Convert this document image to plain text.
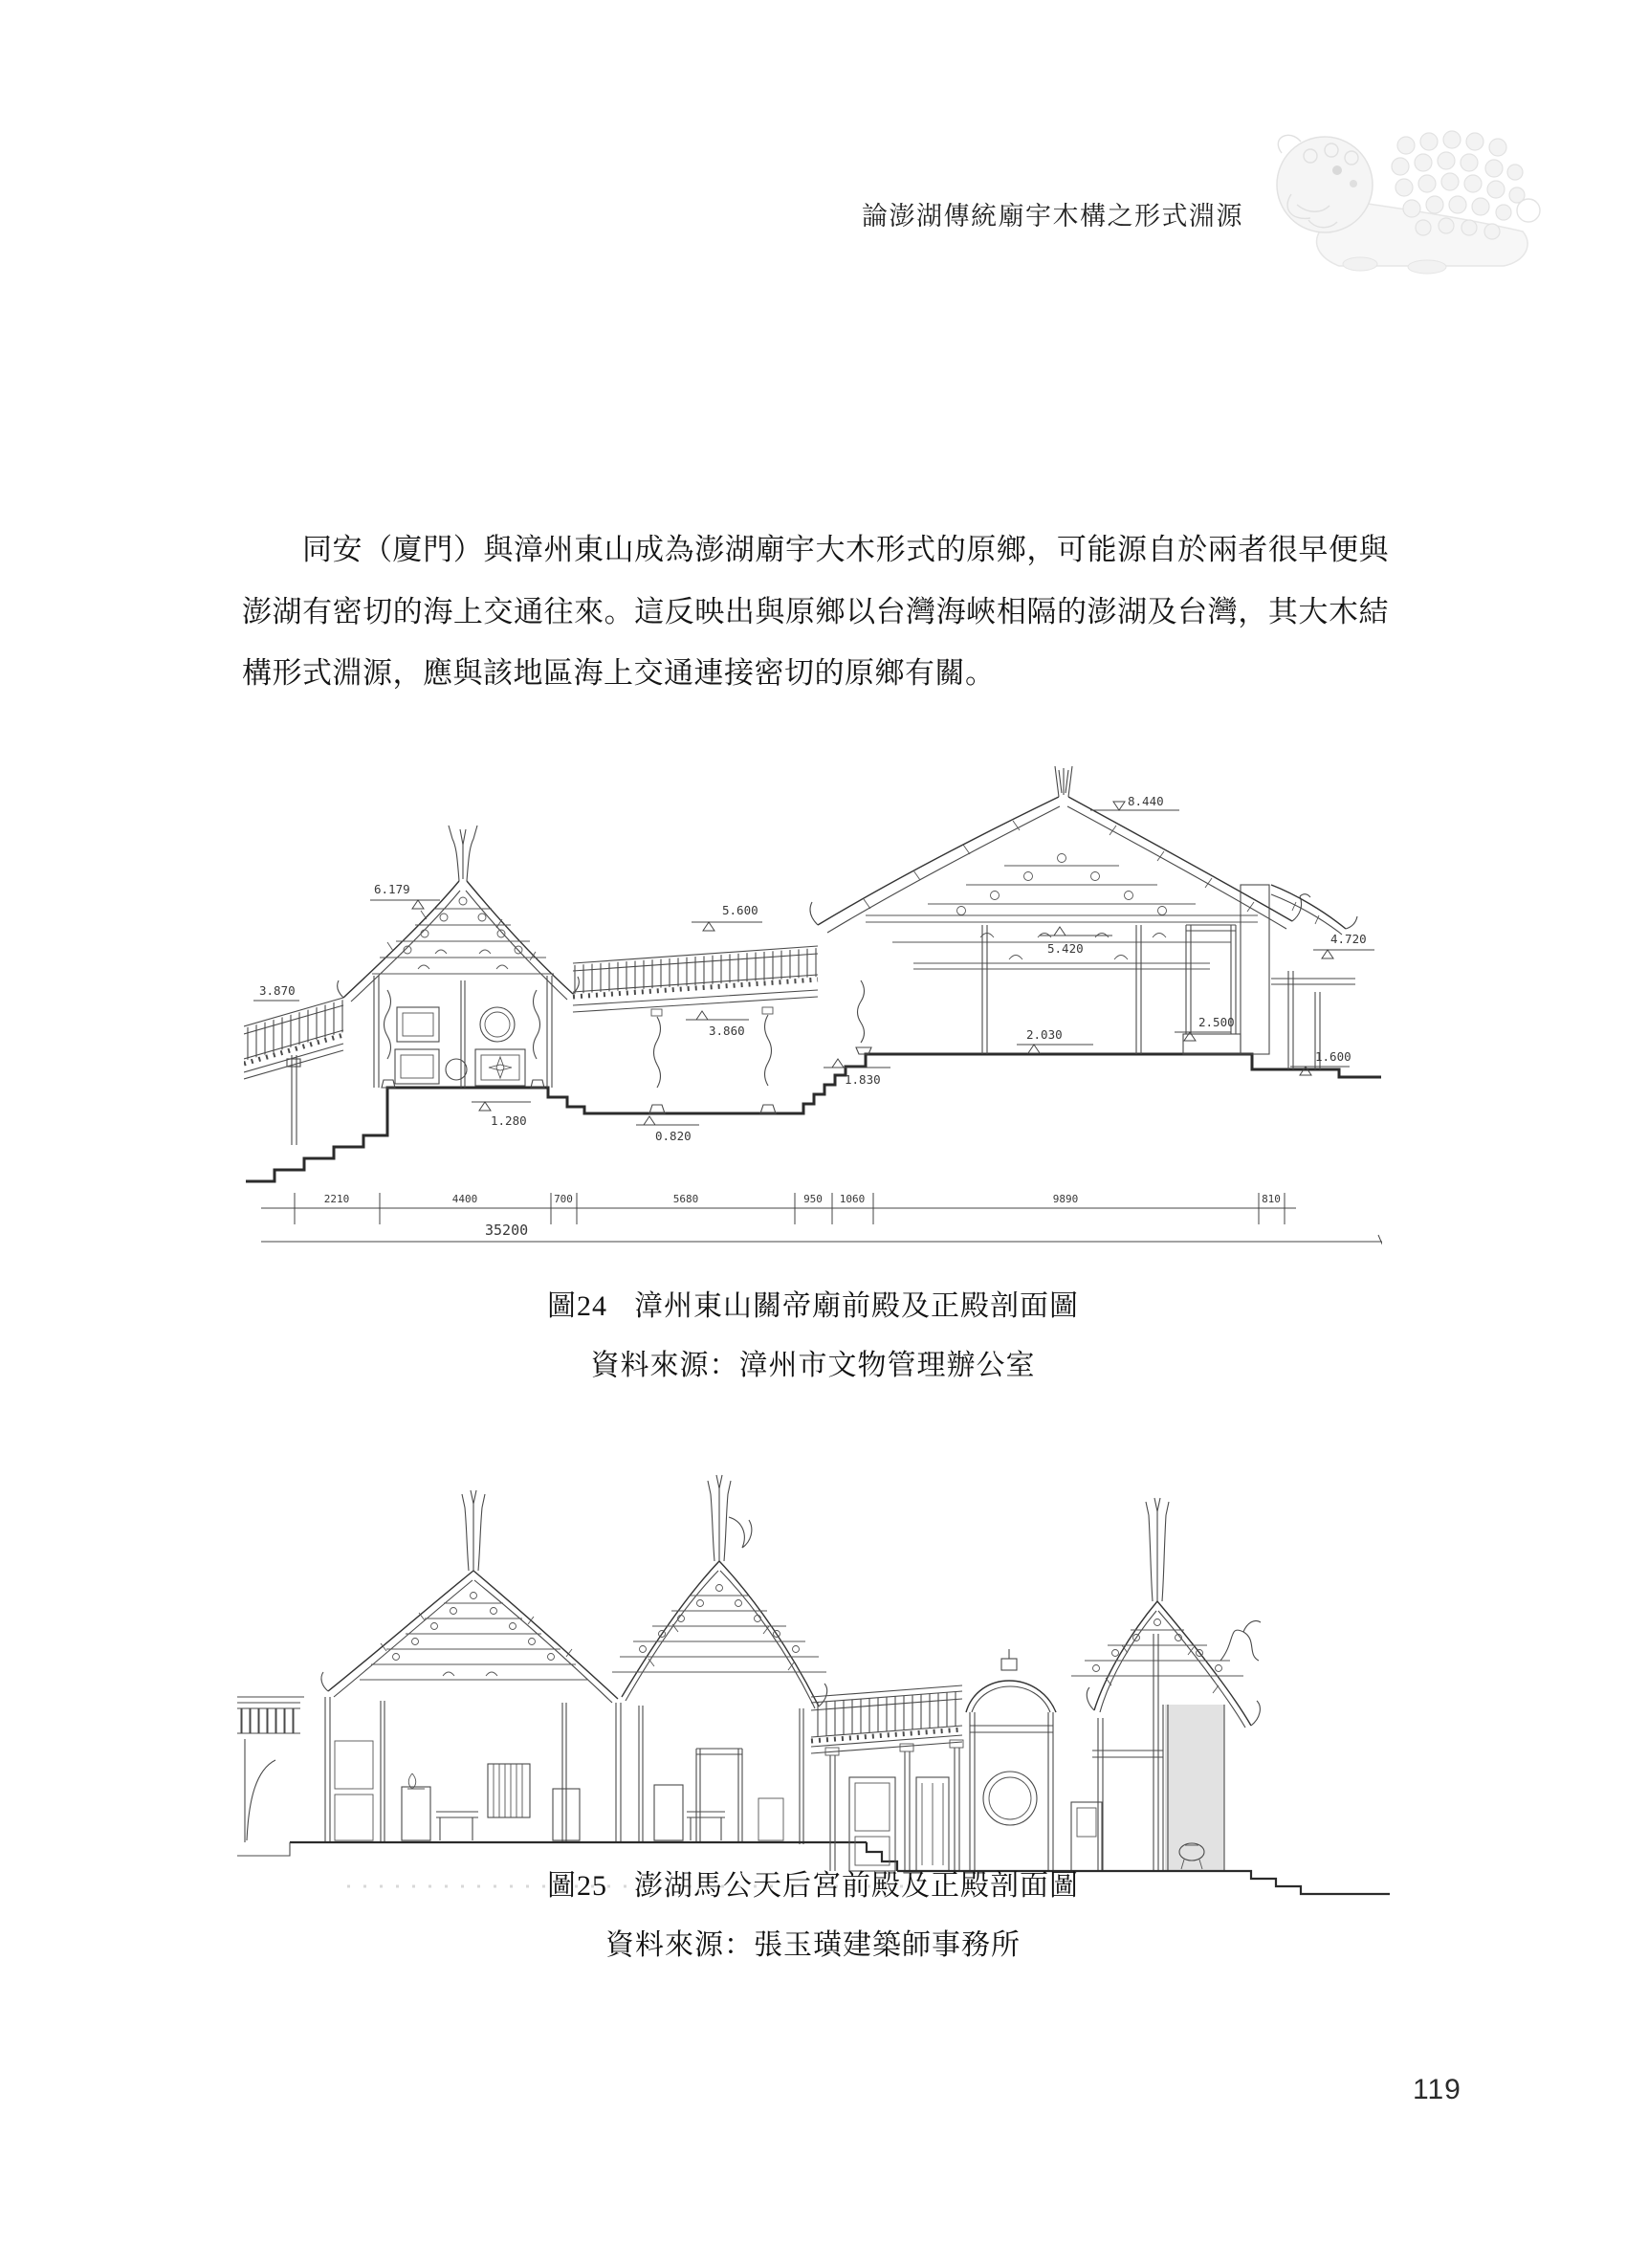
論澎湖傳統廟宇木構之形式淵源
同安（廈門）與漳州東山成為澎湖廟宇大木形式的原鄉，可能源自於兩者很早便與澎湖有密切的海上交通往來。這反映出與原鄉以台灣海峽相隔的澎湖及台灣，其大木結構形式淵源，應與該地區海上交通連接密切的原鄉有關。
8.440
6.179
5.600
3.870
5.420
4.720
3.860
2.500
2.030
1.830
1.600
1.280
0.820
2210	4400	700	5680	950 1060	9890	810
35200
圖24 漳州東山關帝廟前殿及正殿剖面圖
資料來源：漳州市文物管理辦公室
圖25 澎湖馬公天后宮前殿及正殿剖面圖
資料來源：張玉璜建築師事務所
119
